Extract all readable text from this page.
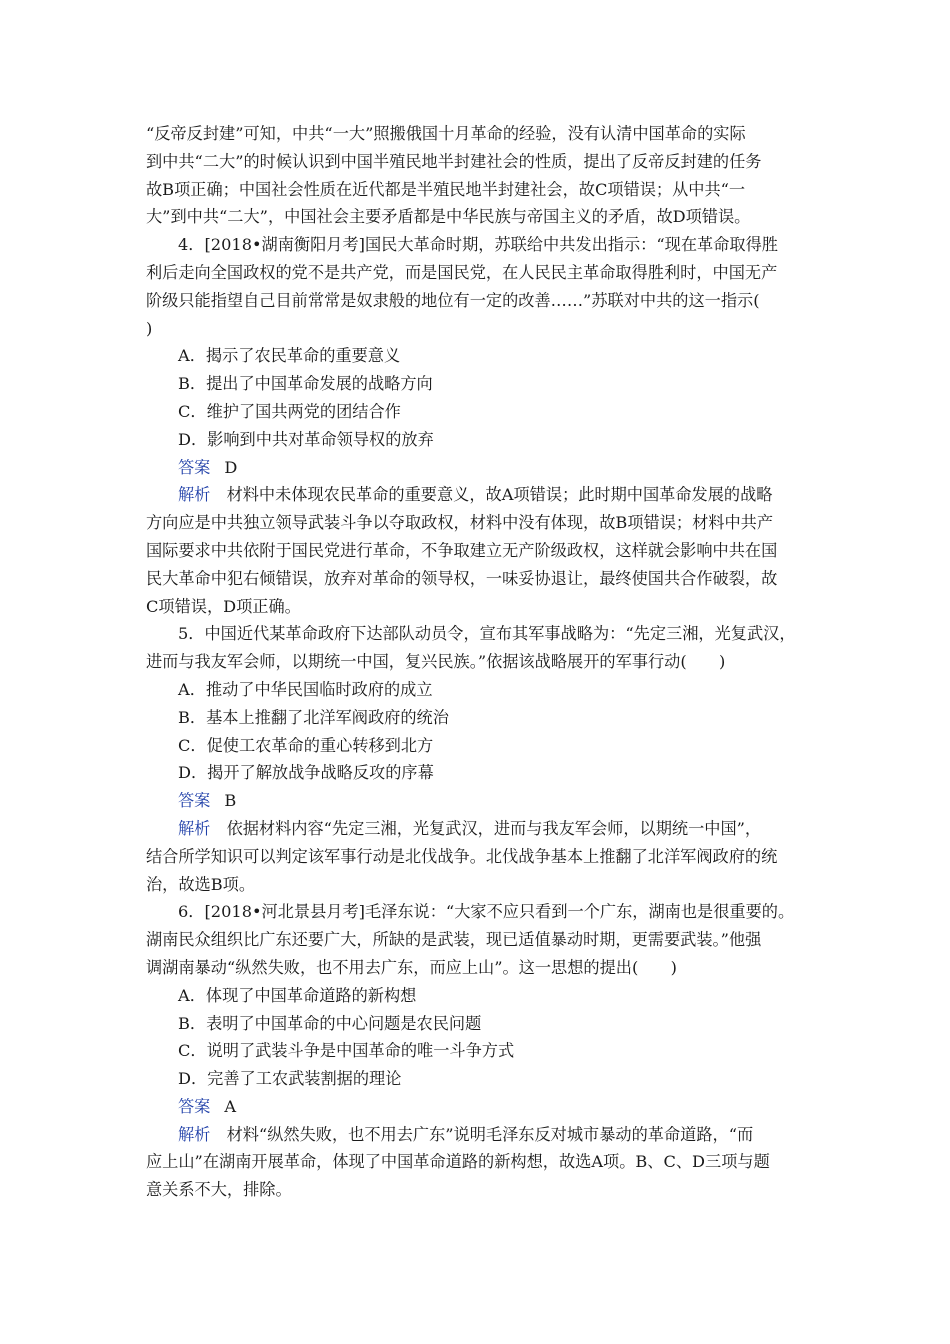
“反帝反封建”可知，中共“一大”照搬俄国十月革命的经验，没有认清中国革命的实际

到中共“二大”的时候认识到中国半殖民地半封建社会的性质，提出了反帝反封建的任务

故B项正确；中国社会性质在近代都是半殖民地半封建社会，故C项错误；从中共“一

大”到中共“二大”，中国社会主要矛盾都是中华民族与帝国主义的矛盾，故D项错误。

4．[2018•湖南衡阳月考]国民大革命时期，苏联给中共发出指示：“现在革命取得胜

利后走向全国政权的党不是共产党，而是国民党，在人民民主革命取得胜利时，中国无产

阶级只能指望自己目前常常是奴隶般的地位有一定的改善……”苏联对中共的这一指示(

)

A．揭示了农民革命的重要意义

B．提出了中国革命发展的战略方向

C．维护了国共两党的团结合作

D．影响到中共对革命领导权的放弃

答案 D

解析　 材料中未体现农民革命的重要意义，故A项错误；此时期中国革命发展的战略

方向应是中共独立领导武装斗争以夺取政权，材料中没有体现，故B项错误；材料中共产

国际要求中共依附于国民党进行革命，不争取建立无产阶级政权，这样就会影响中共在国

民大革命中犯右倾错误，放弃对革命的领导权，一味妥协退让，最终使国共合作破裂，故

C项错误，D项正确。

5．中国近代某革命政府下达部队动员令，宣布其军事战略为：“先定三湘，光复武汉，

进而与我友军会师，以期统一中国，复兴民族。”依据该战略展开的军事行动(　　)

A．推动了中华民国临时政府的成立

B．基本上推翻了北洋军阀政府的统治

C．促使工农革命的重心转移到北方

D．揭开了解放战争战略反攻的序幕

答案 B

解析　 依据材料内容“先定三湘，光复武汉，进而与我友军会师，以期统一中国”，

结合所学知识可以判定该军事行动是北伐战争。北伐战争基本上推翻了北洋军阀政府的统

治，故选B项。

6．[2018•河北景县月考]毛泽东说：“大家不应只看到一个广东，湖南也是很重要的。

湖南民众组织比广东还要广大，所缺的是武装，现已适值暴动时期，更需要武装。”他强

调湖南暴动“纵然失败，也不用去广东，而应上山”。这一思想的提出(　　)

A．体现了中国革命道路的新构想

B．表明了中国革命的中心问题是农民问题

C．说明了武装斗争是中国革命的唯一斗争方式

D．完善了工农武装割据的理论

答案 A

解析　 材料“纵然失败，也不用去广东”说明毛泽东反对城市暴动的革命道路，“而

应上山”在湖南开展革命，体现了中国革命道路的新构想，故选A项。B、C、D三项与题

意关系不大，排除。
